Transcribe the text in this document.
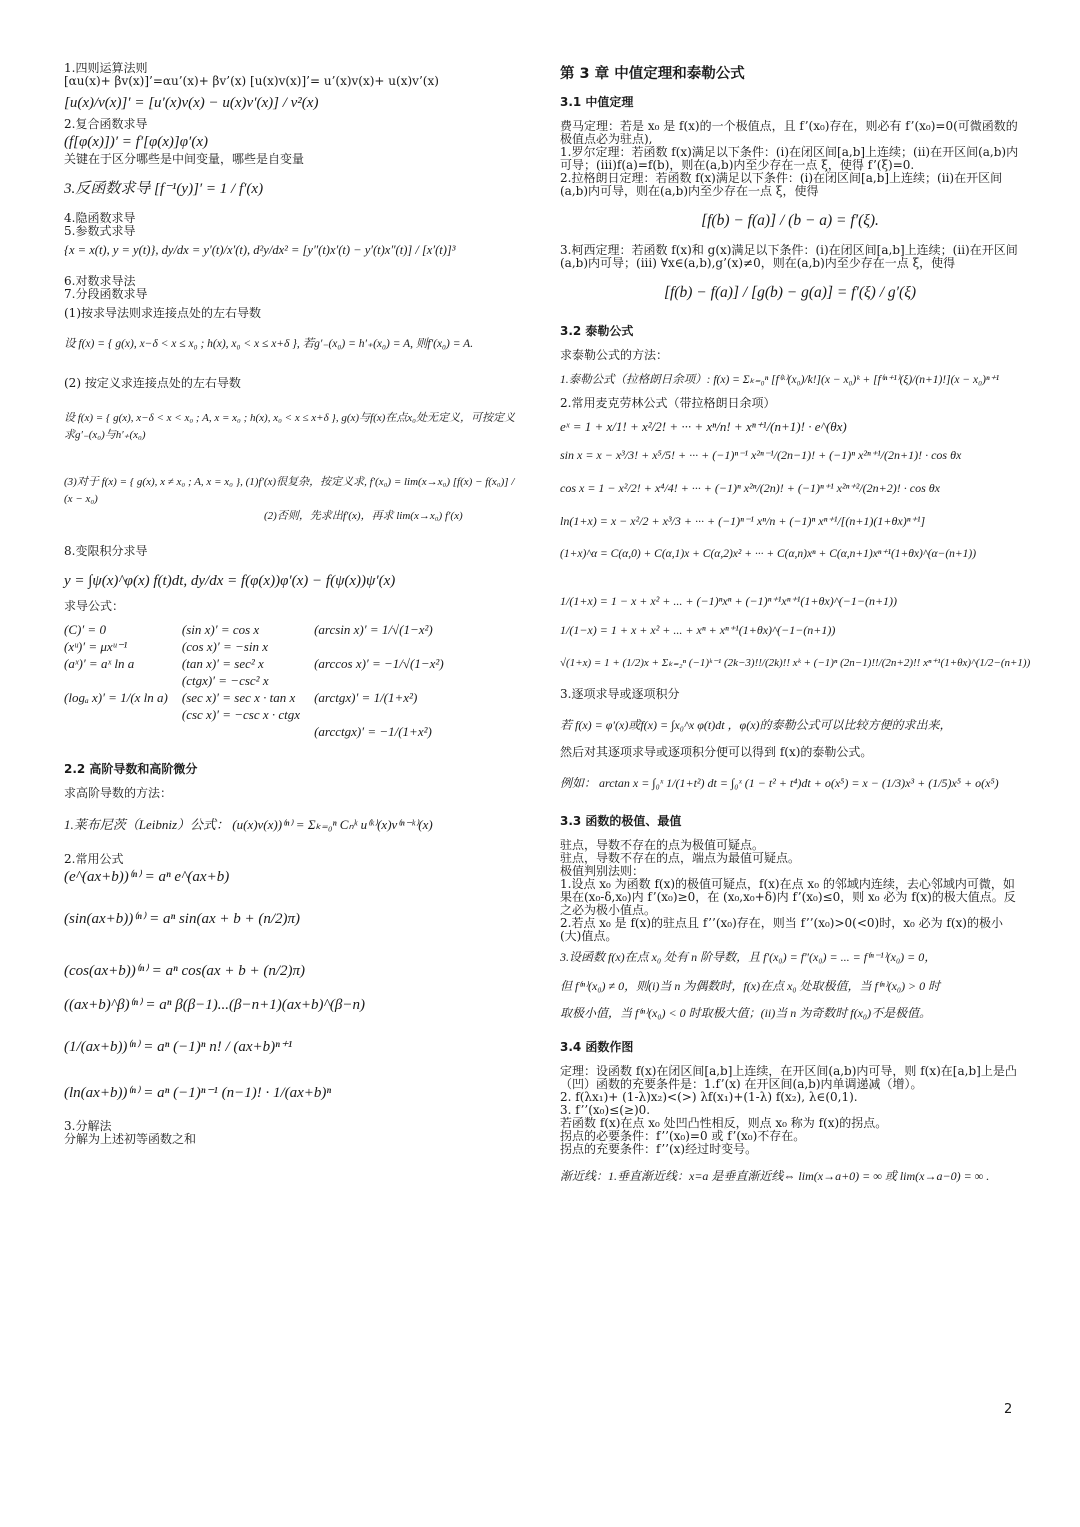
1.四则运算法则
[αu(x)+ βv(x)]’=αu’(x)+ βv’(x) [u(x)v(x)]’= u’(x)v(x)+ u(x)v’(x)
[u(x)/v(x)]′ = [u′(x)v(x) − u(x)v′(x)] / v²(x)
2.复合函数求导
(f[φ(x)])′ = f′[φ(x)]φ′(x)
关键在于区分哪些是中间变量，哪些是自变量
3.反函数求导 [f⁻¹(y)]′ = 1 / f′(x)
4.隐函数求导
5.参数式求导
{x = x(t), y = y(t)}, dy/dx = y′(t)/x′(t), d²y/dx² = [y″(t)x′(t) − y′(t)x″(t)] / [x′(t)]³
6.对数求导法
7.分段函数求导
(1)按求导法则求连接点处的左右导数
设 f(x) = { g(x), x−δ < x ≤ x₀ ; h(x), x₀ < x ≤ x+δ }, 若g′₋(x₀) = h′₊(x₀) = A, 则f′(x₀) = A.
(2) 按定义求连接点处的左右导数
设 f(x) = { g(x), x−δ < x < x₀ ; A, x = x₀ ; h(x), x₀ < x ≤ x+δ }, g(x)与f(x)在点x₀处无定义，可按定义求g′₋(x₀)与h′₊(x₀)
(3)对于 f(x) = { g(x), x ≠ x₀ ; A, x = x₀ }, (1)f′(x)很复杂，按定义求, f′(x₀) = lim(x→x₀) [f(x) − f(x₀)] / (x − x₀)
(2)否则，先求出f′(x)，再求 lim(x→x₀) f′(x)
8.变限积分求导
y = ∫ψ(x)^φ(x) f(t)dt, dy/dx = f(φ(x))φ′(x) − f(ψ(x))ψ′(x)
求导公式：
(C)′ = 0	(sin x)′ = cos x	(arcsin x)′ = 1/√(1−x²)
(xᵘ)′ = μxᵘ⁻¹	(cos x)′ = −sin x	
(aˣ)′ = aˣ ln a	(tan x)′ = sec² x	(arccos x)′ = −1/√(1−x²)
	(ctgx)′ = −csc² x	
(logₐ x)′ = 1/(x ln a)	(sec x)′ = sec x · tan x	(arctgx)′ = 1/(1+x²)
	(csc x)′ = −csc x · ctgx	
		(arcctgx)′ = −1/(1+x²)
2.2 高阶导数和高阶微分
求高阶导数的方法：
1.莱布尼茨（Leibniz）公式： (u(x)v(x))⁽ⁿ⁾ = Σₖ₌₀ⁿ Cₙᵏ u⁽ᵏ⁾(x)v⁽ⁿ⁻ᵏ⁾(x)
2.常用公式
(e^(ax+b))⁽ⁿ⁾ = aⁿ e^(ax+b)
(sin(ax+b))⁽ⁿ⁾ = aⁿ sin(ax + b + (n/2)π)
(cos(ax+b))⁽ⁿ⁾ = aⁿ cos(ax + b + (n/2)π)
((ax+b)^β)⁽ⁿ⁾ = aⁿ β(β−1)...(β−n+1)(ax+b)^(β−n)
(1/(ax+b))⁽ⁿ⁾ = aⁿ (−1)ⁿ n! / (ax+b)ⁿ⁺¹
(ln(ax+b))⁽ⁿ⁾ = aⁿ (−1)ⁿ⁻¹ (n−1)! · 1/(ax+b)ⁿ
3.分解法
分解为上述初等函数之和
第 3 章 中值定理和泰勒公式
3.1 中值定理
费马定理：若是 x₀ 是 f(x)的一个极值点，且 f’(x₀)存在，则必有 f’(x₀)=0(可微函数的极值点必为驻点),
1.罗尔定理：若函数 f(x)满足以下条件：(i)在闭区间[a,b]上连续；(ii)在开区间(a,b)内可导；(iii)f(a)=f(b)，则在(a,b)内至少存在一点 ξ，使得 f’(ξ)=0.
2.拉格朗日定理：若函数 f(x)满足以下条件：(i)在闭区间[a,b]上连续；(ii)在开区间(a,b)内可导，则在(a,b)内至少存在一点 ξ，使得
[f(b) − f(a)] / (b − a) = f′(ξ).
3.柯西定理：若函数 f(x)和 g(x)满足以下条件：(i)在闭区间[a,b]上连续；(ii)在开区间(a,b)内可导；(iii) ∀x∈(a,b),g’(x)≠0，则在(a,b)内至少存在一点 ξ，使得
[f(b) − f(a)] / [g(b) − g(a)] = f′(ξ) / g′(ξ)
3.2 泰勒公式
求泰勒公式的方法：
1.泰勒公式（拉格朗日余项）: f(x) = Σₖ₌₀ⁿ [f⁽ᵏ⁾(x₀)/k!](x − x₀)ᵏ + [f⁽ⁿ⁺¹⁾(ξ)/(n+1)!](x − x₀)ⁿ⁺¹
2.常用麦克劳林公式（带拉格朗日余项）
eˣ = 1 + x/1! + x²/2! + ··· + xⁿ/n! + xⁿ⁺¹/(n+1)! · e^(θx)
sin x = x − x³/3! + x⁵/5! + ··· + (−1)ⁿ⁻¹ x²ⁿ⁻¹/(2n−1)! + (−1)ⁿ x²ⁿ⁺¹/(2n+1)! · cos θx
cos x = 1 − x²/2! + x⁴/4! + ··· + (−1)ⁿ x²ⁿ/(2n)! + (−1)ⁿ⁺¹ x²ⁿ⁺²/(2n+2)! · cos θx
ln(1+x) = x − x²/2 + x³/3 + ··· + (−1)ⁿ⁻¹ xⁿ/n + (−1)ⁿ xⁿ⁺¹/[(n+1)(1+θx)ⁿ⁺¹]
(1+x)^α = C(α,0) + C(α,1)x + C(α,2)x² + ··· + C(α,n)xⁿ + C(α,n+1)xⁿ⁺¹(1+θx)^(α−(n+1))
1/(1+x) = 1 − x + x² + ... + (−1)ⁿxⁿ + (−1)ⁿ⁺¹xⁿ⁺¹(1+θx)^(−1−(n+1))
1/(1−x) = 1 + x + x² + ... + xⁿ + xⁿ⁺¹(1+θx)^(−1−(n+1))
√(1+x) = 1 + (1/2)x + Σₖ₌₂ⁿ (−1)ᵏ⁻¹ (2k−3)!!/(2k)!! xᵏ + (−1)ⁿ (2n−1)!!/(2n+2)!! xⁿ⁺¹(1+θx)^(1/2−(n+1))
3.逐项求导或逐项积分
若 f(x) = φ′(x)或f(x) = ∫x₀^x φ(t)dt ，φ(x)的泰勒公式可以比较方便的求出来，
然后对其逐项求导或逐项积分便可以得到 f(x)的泰勒公式。
例如： arctan x = ∫₀ˣ 1/(1+t²) dt = ∫₀ˣ (1 − t² + t⁴)dt + o(x⁵) = x − (1/3)x³ + (1/5)x⁵ + o(x⁵)
3.3 函数的极值、最值
驻点，导数不存在的点为极值可疑点。
驻点，导数不存在的点，端点为最值可疑点。
极值判别法则：
1.设点 x₀ 为函数 f(x)的极值可疑点，f(x)在点 x₀ 的邻域内连续，去心邻域内可微，如果在(x₀-δ,x₀)内 f’(x₀)≥0，在 (x₀,x₀+δ)内 f’(x₀)≤0，则 x₀ 必为 f(x)的极大值点。反之必为极小值点。
2.若点 x₀ 是 f(x)的驻点且 f’’(x₀)存在，则当 f’’(x₀)>0(<0)时，x₀ 必为 f(x)的极小(大)值点。
3.设函数 f(x)在点 x₀ 处有 n 阶导数，且 f′(x₀) = f″(x₀) = ... = f⁽ⁿ⁻¹⁾(x₀) = 0，
但 f⁽ⁿ⁾(x₀) ≠ 0，则(i)当 n 为偶数时，f(x)在点 x₀ 处取极值，当 f⁽ⁿ⁾(x₀) > 0 时
取极小值，当 f⁽ⁿ⁾(x₀) < 0 时取极大值；(ii)当 n 为奇数时 f(x₀)不是极值。
3.4 函数作图
定理：设函数 f(x)在闭区间[a,b]上连续，在开区间(a,b)内可导，则 f(x)在[a,b]上是凸（凹）函数的充要条件是：1.f’(x) 在开区间(a,b)内单调递减（增）。
2. f(λx₁)+ (1-λ)x₂)<(>) λf(x₁)+(1-λ) f(x₂), λ∈(0,1).
3. f’’(x₀)≤(≥)0.
若函数 f(x)在点 x₀ 处凹凸性相反，则点 x₀ 称为 f(x)的拐点。
拐点的必要条件：f’’(x₀)=0 或 f’(x₀)不存在。
拐点的充要条件：f’’(x)经过时变号。
渐近线：1.垂直渐近线：x=a 是垂直渐近线⇔ lim(x→a+0) = ∞ 或 lim(x→a−0) = ∞ .
2
